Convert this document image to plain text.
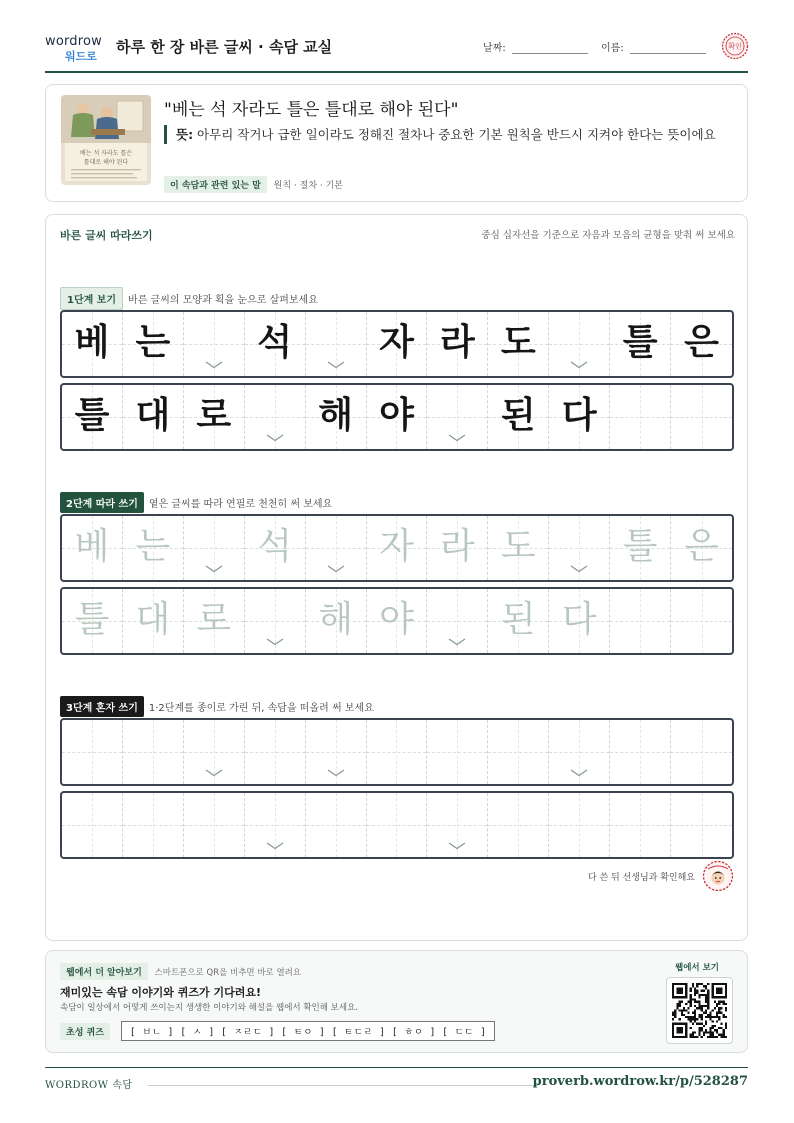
wordrow
워드로
하루 한 장 바른 글씨 · 속담 교실	날짜:	이름:	확인
베는 석 자라도 틀은
틀대로 해야 된다
"베는 석 자라도 틀은 틀대로 해야 된다"
뜻: 아무리 작거나 급한 일이라도 정해진 절차나 중요한 기본 원칙을 반드시 지켜야 한다는 뜻이에요
이 속담과 관련 있는 말 원칙 · 절차 · 기본
바른 글씨 따라쓰기	중심 십자선을 기준으로 자음과 모음의 균형을 맞춰 써 보세요
1단계 보기 바른 글씨의 모양과 획을 눈으로 살펴보세요
베 는	석	자 라 도	틀 은
틀 대 로	해 야	된 다
2단계 따라 쓰기 옅은 글씨를 따라 연필로 천천히 써 보세요
베 는	석	자 라 도	틀 은
틀 대 로	해 야	된 다
3단계 혼자 쓰기 1·2단계를 종이로 가린 뒤, 속담을 떠올려 써 보세요
다 쓴 뒤 선생님과 확인해요
웹에서 더 알아보기 스마트폰으로 QR을 비추면 바로 열려요
재미있는 속담 이야기와 퀴즈가 기다려요!
속담이 일상에서 어떻게 쓰이는지 생생한 이야기와 해설을 웹에서 확인해 보세요.
초성 퀴즈	[ ㅂㄴ ] [ ㅅ ] [ ㅈㄹㄷ ] [ ㅌㅇ ] [ ㅌㄷㄹ ] [ ㅎㅇ ] [ ㄷㄷ ]
웹에서 보기
WORDROW 속담	proverb.wordrow.kr/p/528287
